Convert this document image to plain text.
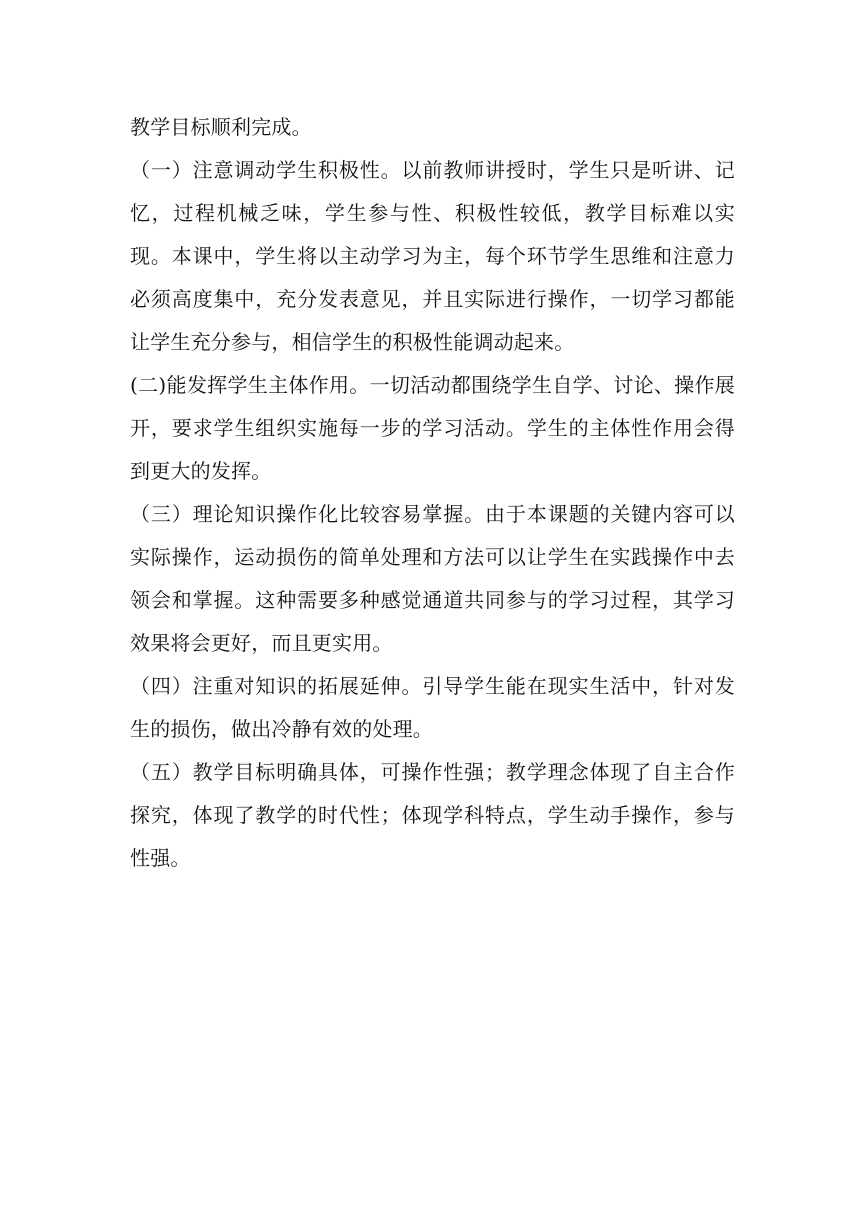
教学目标顺利完成。

（一）注意调动学生积极性。以前教师讲授时，学生只是听讲、记忆，过程机械乏味，学生参与性、积极性较低，教学目标难以实现。本课中，学生将以主动学习为主，每个环节学生思维和注意力必须高度集中，充分发表意见，并且实际进行操作，一切学习都能让学生充分参与，相信学生的积极性能调动起来。

(二)能发挥学生主体作用。一切活动都围绕学生自学、讨论、操作展开，要求学生组织实施每一步的学习活动。学生的主体性作用会得到更大的发挥。

（三）理论知识操作化比较容易掌握。由于本课题的关键内容可以实际操作，运动损伤的简单处理和方法可以让学生在实践操作中去领会和掌握。这种需要多种感觉通道共同参与的学习过程，其学习效果将会更好，而且更实用。

（四）注重对知识的拓展延伸。引导学生能在现实生活中，针对发生的损伤，做出冷静有效的处理。

（五）教学目标明确具体，可操作性强；教学理念体现了自主合作探究，体现了教学的时代性；体现学科特点，学生动手操作，参与性强。
